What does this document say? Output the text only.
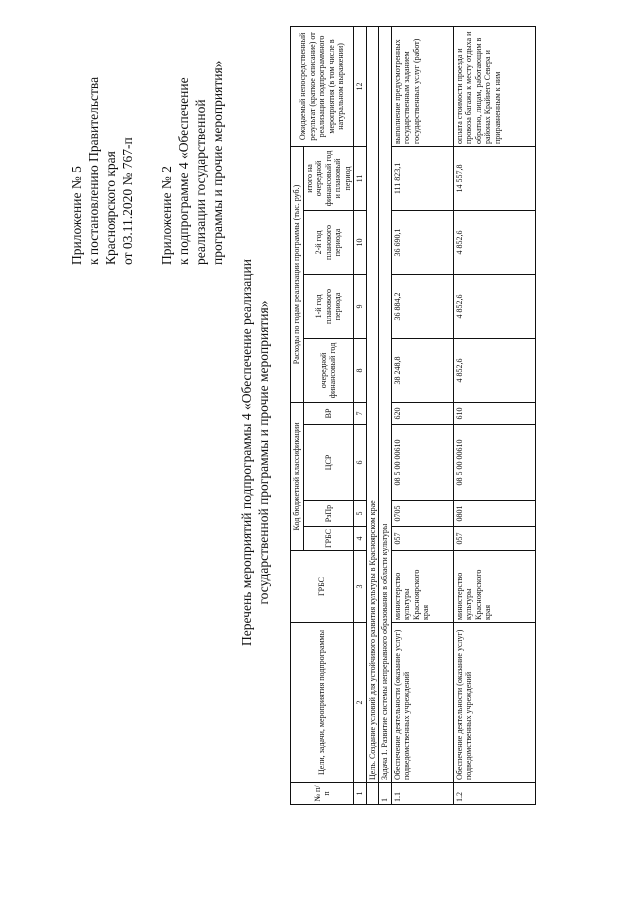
Приложение № 5 к постановлению Правительства Красноярского края от 03.11.2020 № 767-п Приложение № 2 к подпрограмме 4 «Обеспечение реализации государственной программы и прочие мероприятия»
Перечень мероприятий подпрограммы 4 «Обеспечение реализации государственной программы и прочие мероприятия»
№ п/п	Цели, задачи, мероприятия подпрограммы	ГРБС	Код бюджетной классификации				Расходы по годам реализации программы (тыс. руб.)				Ожидаемый непосредственный результат (краткое описание) от реализации подпрограммного мероприятия (в том числе в натуральном выражении)
			ГРБС	РзПр	ЦСР	ВР	очередной финансовый год	1-й год планового периода	2-й год планового периода	итого на очередной финансовый год и плановый период	
1	2	3	4	5	6	7	8	9	10	11	12
	Цель. Создание условий для устойчивого развития культуры в Красноярском крае										
1	Задача 1. Развитие системы непрерывного образования в области культуры										
1.1	Обеспечение деятельности (оказание услуг) подведомственных учреждений	министерство культуры Красноярского края	057	0705	08 5 00 00610	620	38 248,8	36 884,2	36 690,1	111 823,1	выполнение предусмотренных государственным заданием государственных услуг (работ)
1.2	Обеспечение деятельности (оказание услуг) подведомственных учреждений	министерство культуры Красноярского края	057	0801	08 5 00 00610	610	4 852,6	4 852,6	4 852,6	14 557,8	оплата стоимости проезда и провоза багажа к месту отдыха и обратно, лицам, работающим в районах Крайнего Севера и приравненным к ним
